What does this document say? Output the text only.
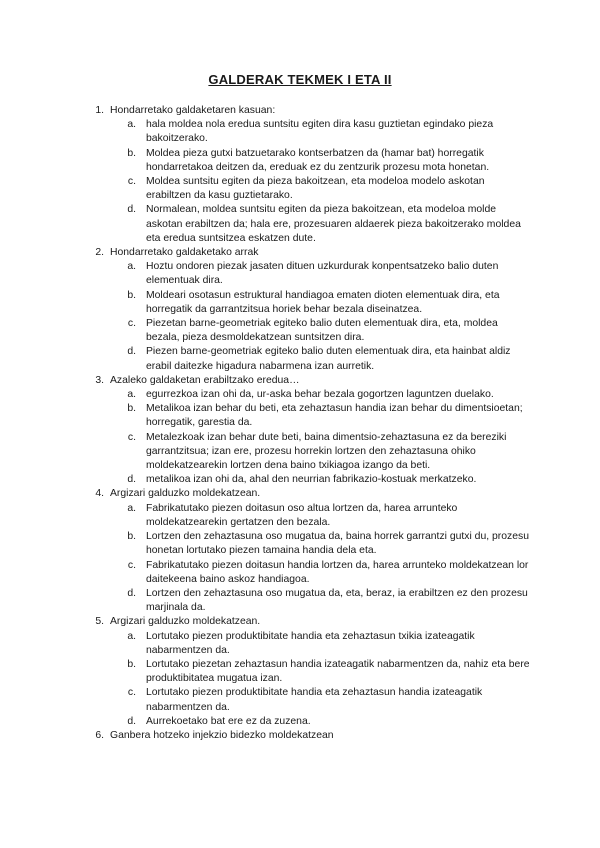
GALDERAK TEKMEK I ETA II
1. Hondarretako galdaketaren kasuan:
a. hala moldea nola eredua suntsitu egiten dira kasu guztietan egindako pieza bakoitzerako.
b. Moldea pieza gutxi batzuetarako kontserbatzen da (hamar bat) horregatik hondarretakoa deitzen da, ereduak ez du zentzurik prozesu mota honetan.
c. Moldea suntsitu egiten da pieza bakoitzean, eta modeloa modelo askotan erabiltzen da kasu guztietarako.
d. Normalean, moldea suntsitu egiten da pieza bakoitzean, eta modeloa molde askotan erabiltzen da; hala ere, prozesuaren aldaerek pieza bakoitzerako moldea eta eredua suntsitzea eskatzen dute.
2. Hondarretako galdaketako arrak
a. Hoztu ondoren piezak jasaten dituen uzkurdurak konpentsatzeko balio duten elementuak dira.
b. Moldeari osotasun estruktural handiagoa ematen dioten elementuak dira, eta horregatik da garrantzitsua horiek behar bezala diseinatzea.
c. Piezetan barne-geometriak egiteko balio duten elementuak dira, eta, moldea bezala, pieza desmoldekatzean suntsitzen dira.
d. Piezen barne-geometriak egiteko balio duten elementuak dira, eta hainbat aldiz erabil daitezke higadura nabarmena izan aurretik.
3. Azaleko galdaketan erabiltzako eredua…
a. egurrezkoa izan ohi da, ur-aska behar bezala gogortzen laguntzen duelako.
b. Metalikoa izan behar du beti, eta zehaztasun handia izan behar du dimentsioetan; horregatik, garestia da.
c. Metalezkoak izan behar dute beti, baina dimentsio-zehaztasuna ez da bereziki garrantzitsua; izan ere, prozesu horrekin lortzen den zehaztasuna ohiko moldekatzearekin lortzen dena baino txikiagoa izango da beti.
d. metalikoa izan ohi da, ahal den neurrian fabrikazio-kostuak merkatzeko.
4. Argizari galduzko moldekatzean.
a. Fabrikatutako piezen doitasun oso altua lortzen da, harea arrunteko moldekatzearekin gertatzen den bezala.
b. Lortzen den zehaztasuna oso mugatua da, baina horrek garrantzi gutxi du, prozesu honetan lortutako piezen tamaina handia dela eta.
c. Fabrikatutako piezen doitasun handia lortzen da, harea arrunteko moldekatzean lor daitekeena baino askoz handiagoa.
d. Lortzen den zehaztasuna oso mugatua da, eta, beraz, ia erabiltzen ez den prozesu marjinala da.
5. Argizari galduzko moldekatzean.
a. Lortutako piezen produktibitate handia eta zehaztasun txikia izateagatik nabarmentzen da.
b. Lortutako piezetan zehaztasun handia izateagatik nabarmentzen da, nahiz eta bere produktibitatea mugatua izan.
c. Lortutako piezen produktibitate handia eta zehaztasun handia izateagatik nabarmentzen da.
d. Aurrekoetako bat ere ez da zuzena.
6. Ganbera hotzeko injekzio bidezko moldekatzean
